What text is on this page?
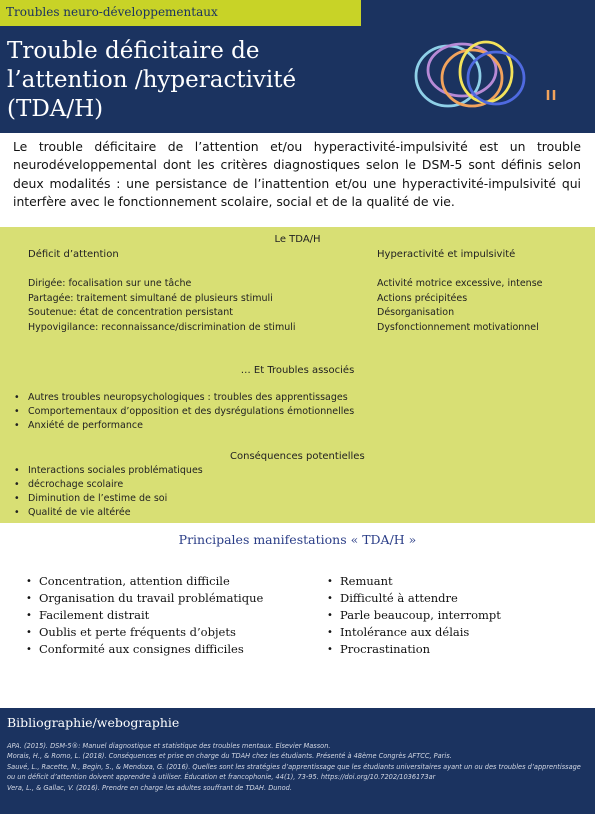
Troubles neuro-développementaux
Trouble déficitaire de l’attention /hyperactivité (TDA/H)

Le trouble déficitaire de l’attention et/ou hyperactivité-impulsivité est un trouble neurodéveloppemental dont les critères diagnostiques selon le DSM-5 sont définis selon deux modalités : une persistance de l’inattention et/ou une hyperactivité-impulsivité qui interfère avec le fonctionnement scolaire, social et de la qualité de vie.

Le TDA/H
Déficit d’attention	Hyperactivité et impulsivité
Dirigée: focalisation sur une tâche
Partagée: traitement simultané de plusieurs stimuli
Soutenue: état de concentration persistant
Hypovigilance: reconnaissance/discrimination de stimuli
Activité motrice excessive, intense
Actions précipitées
Désorganisation
Dysfonctionnement motivationnel
… Et Troubles associés
• Autres troubles neuropsychologiques : troubles des apprentissages
• Comportementaux d’opposition et des dysrégulations émotionnelles
• Anxiété de performance
Conséquences potentielles
• Interactions sociales problématiques
• décrochage scolaire
• Diminution de l’estime de soi
• Qualité de vie altérée
Principales manifestations « TDA/H »
• Concentration, attention difficile
• Organisation du travail problématique
• Facilement distrait
• Oublis et perte fréquents d’objets
• Conformité aux consignes difficiles
• Remuant
• Difficulté à attendre
• Parle beaucoup, interrompt
• Intolérance aux délais
• Procrastination
Bibliographie/webographie
APA. (2015). DSM-5®: Manuel diagnostique et statistique des troubles mentaux. Elsevier Masson.
Morais, H., & Romo, L. (2018). Conséquences et prise en charge du TDAH chez les étudiants. Présenté à 48ème Congrès AFTCC, Paris.
Sauvé, L., Racette, N., Begin, S., & Mendoza, G. (2016). Quelles sont les stratégies d’apprentissage que les étudiants universitaires ayant un ou des troubles d’apprentissage ou un déficit d’attention doivent apprendre à utiliser. Éducation et francophonie, 44(1), 73-95. https://doi.org/10.7202/1036173ar
Vera, L., & Gallac, V. (2016). Prendre en charge les adultes souffrant de TDAH. Dunod.
